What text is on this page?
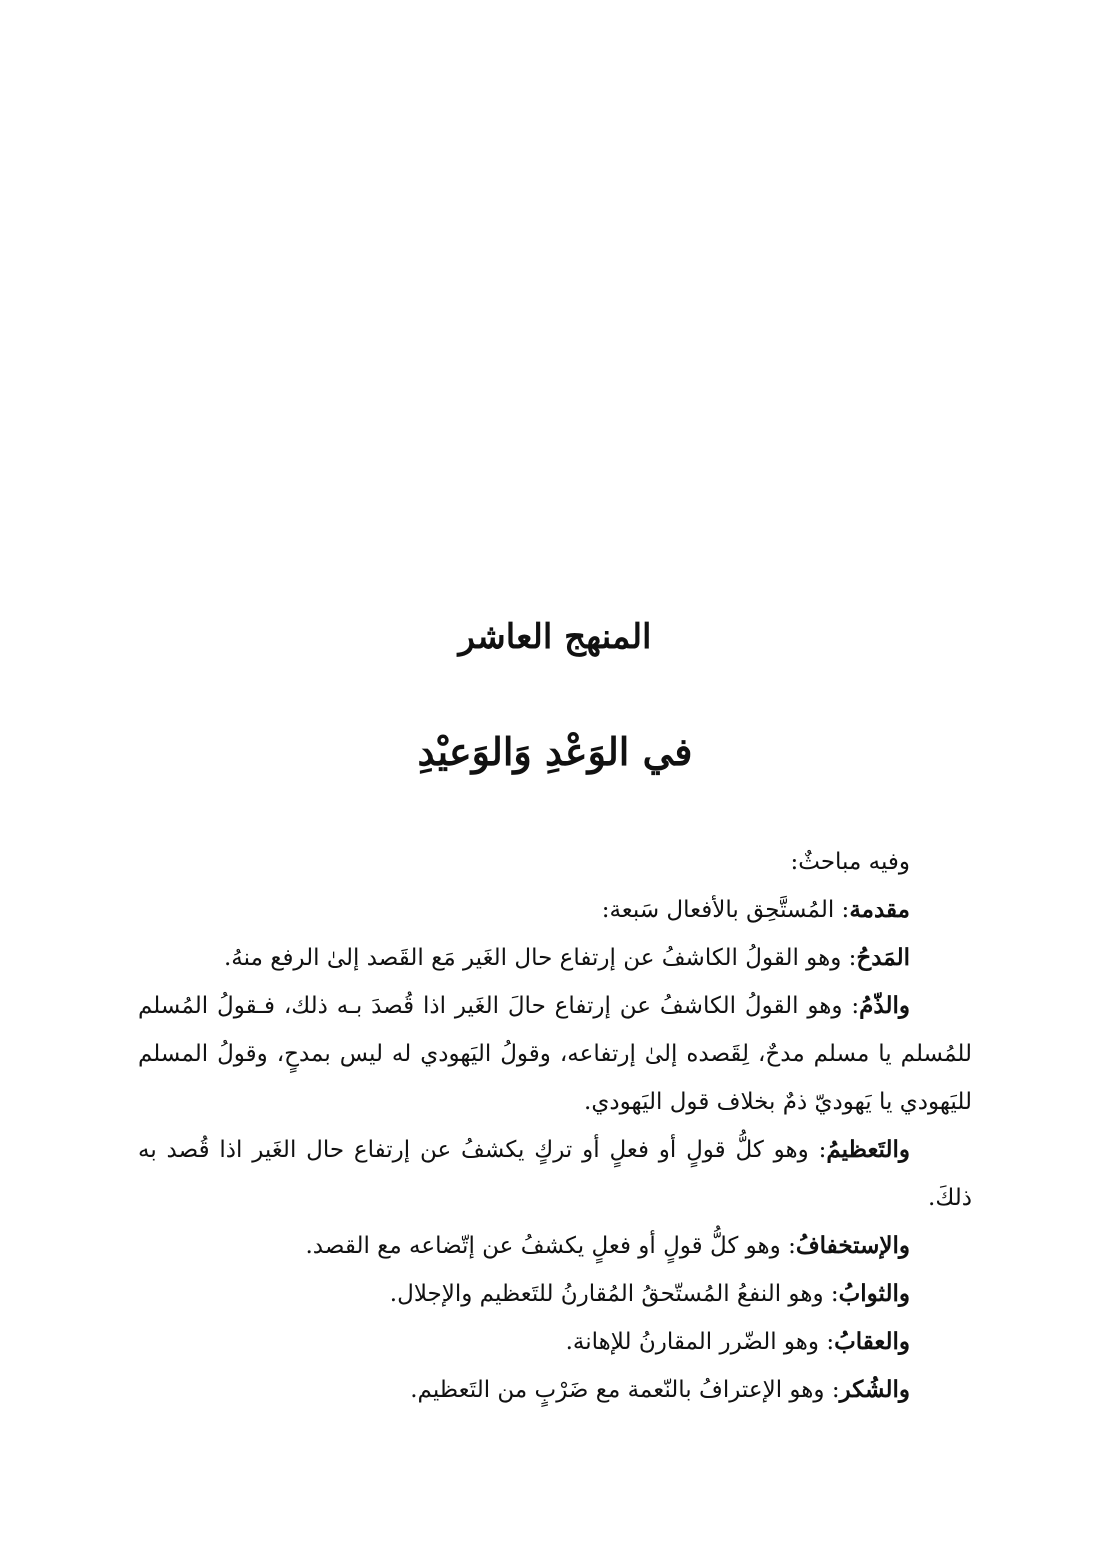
المنهج العاشر
في الوَعْدِ وَالوَعيْدِ

وفيه مباحثٌ:

مقدمة: المُستَّحِق بالأفعال سَبعة:

المَدحُ: وهو القولُ الكاشفُ عن إرتفاع حال الغَير مَع القَصد إلىٰ الرفع منهُ.

والذّمُ: وهو القولُ الكاشفُ عن إرتفاع حالَ الغَير اذا قُصدَ بـه ذلك، فـقولُ المُسلم للمُسلم يا مسلم مدحٌ، لِقَصده إلىٰ إرتفاعه، وقولُ اليَهودي له ليس بمدحٍ، وقولُ المسلم لليَهودي يا يَهوديّ ذمٌ بخلاف قول اليَهودي.

والتَعظيمُ: وهو كلُّ قولٍ أو فعلٍ أو تركٍ يكشفُ عن إرتفاع حال الغَير اذا قُصد به ذلكَ.

والإستخفافُ: وهو كلُّ قولٍ أو فعلٍ يكشفُ عن إتّضاعه مع القصد.

والثوابُ: وهو النفعُ المُستّحقُ المُقارنُ للتَعظيم والإجلال.

والعقابُ: وهو الضّرر المقارنُ للإهانة.

والشُكر: وهو الإعترافُ بالنّعمة مع ضَرْبٍ من التَعظيم.
